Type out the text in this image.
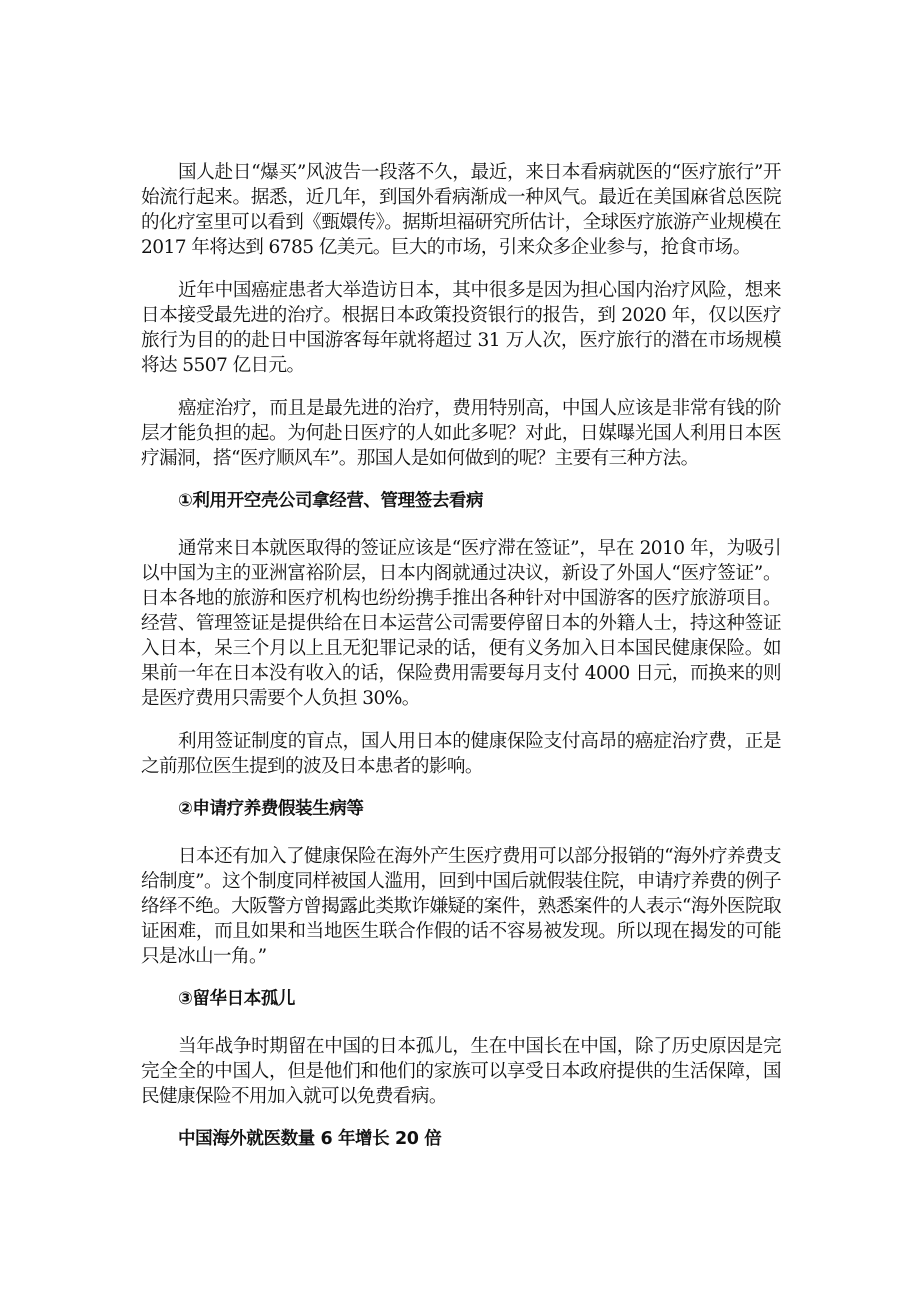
国人赴日“爆买”风波告一段落不久，最近，来日本看病就医的“医疗旅行”开始流行起来。据悉，近几年，到国外看病渐成一种风气。最近在美国麻省总医院的化疗室里可以看到《甄嬛传》。据斯坦福研究所估计，全球医疗旅游产业规模在 2017 年将达到 6785 亿美元。巨大的市场，引来众多企业参与，抢食市场。

近年中国癌症患者大举造访日本，其中很多是因为担心国内治疗风险，想来日本接受最先进的治疗。根据日本政策投资银行的报告，到 2020 年，仅以医疗旅行为目的的赴日中国游客每年就将超过 31 万人次，医疗旅行的潜在市场规模将达 5507 亿日元。

癌症治疗，而且是最先进的治疗，费用特别高，中国人应该是非常有钱的阶层才能负担的起。为何赴日医疗的人如此多呢？对此，日媒曝光国人利用日本医疗漏洞，搭“医疗顺风车”。那国人是如何做到的呢？主要有三种方法。

①利用开空壳公司拿经营、管理签去看病

通常来日本就医取得的签证应该是“医疗滞在签证”，早在 2010 年，为吸引以中国为主的亚洲富裕阶层，日本内阁就通过决议，新设了外国人“医疗签证”。日本各地的旅游和医疗机构也纷纷携手推出各种针对中国游客的医疗旅游项目。经营、管理签证是提供给在日本运营公司需要停留日本的外籍人士，持这种签证入日本，呆三个月以上且无犯罪记录的话，便有义务加入日本国民健康保险。如果前一年在日本没有收入的话，保险费用需要每月支付 4000 日元，而换来的则是医疗费用只需要个人负担 30%。

利用签证制度的盲点，国人用日本的健康保险支付高昂的癌症治疗费，正是之前那位医生提到的波及日本患者的影响。

②申请疗养费假装生病等

日本还有加入了健康保险在海外产生医疗费用可以部分报销的“海外疗养费支给制度”。这个制度同样被国人滥用，回到中国后就假装住院，申请疗养费的例子络绎不绝。大阪警方曾揭露此类欺诈嫌疑的案件，熟悉案件的人表示“海外医院取证困难，而且如果和当地医生联合作假的话不容易被发现。所以现在揭发的可能只是冰山一角。”

③留华日本孤儿

当年战争时期留在中国的日本孤儿，生在中国长在中国，除了历史原因是完完全全的中国人，但是他们和他们的家族可以享受日本政府提供的生活保障，国民健康保险不用加入就可以免费看病。

中国海外就医数量 6 年增长 20 倍
